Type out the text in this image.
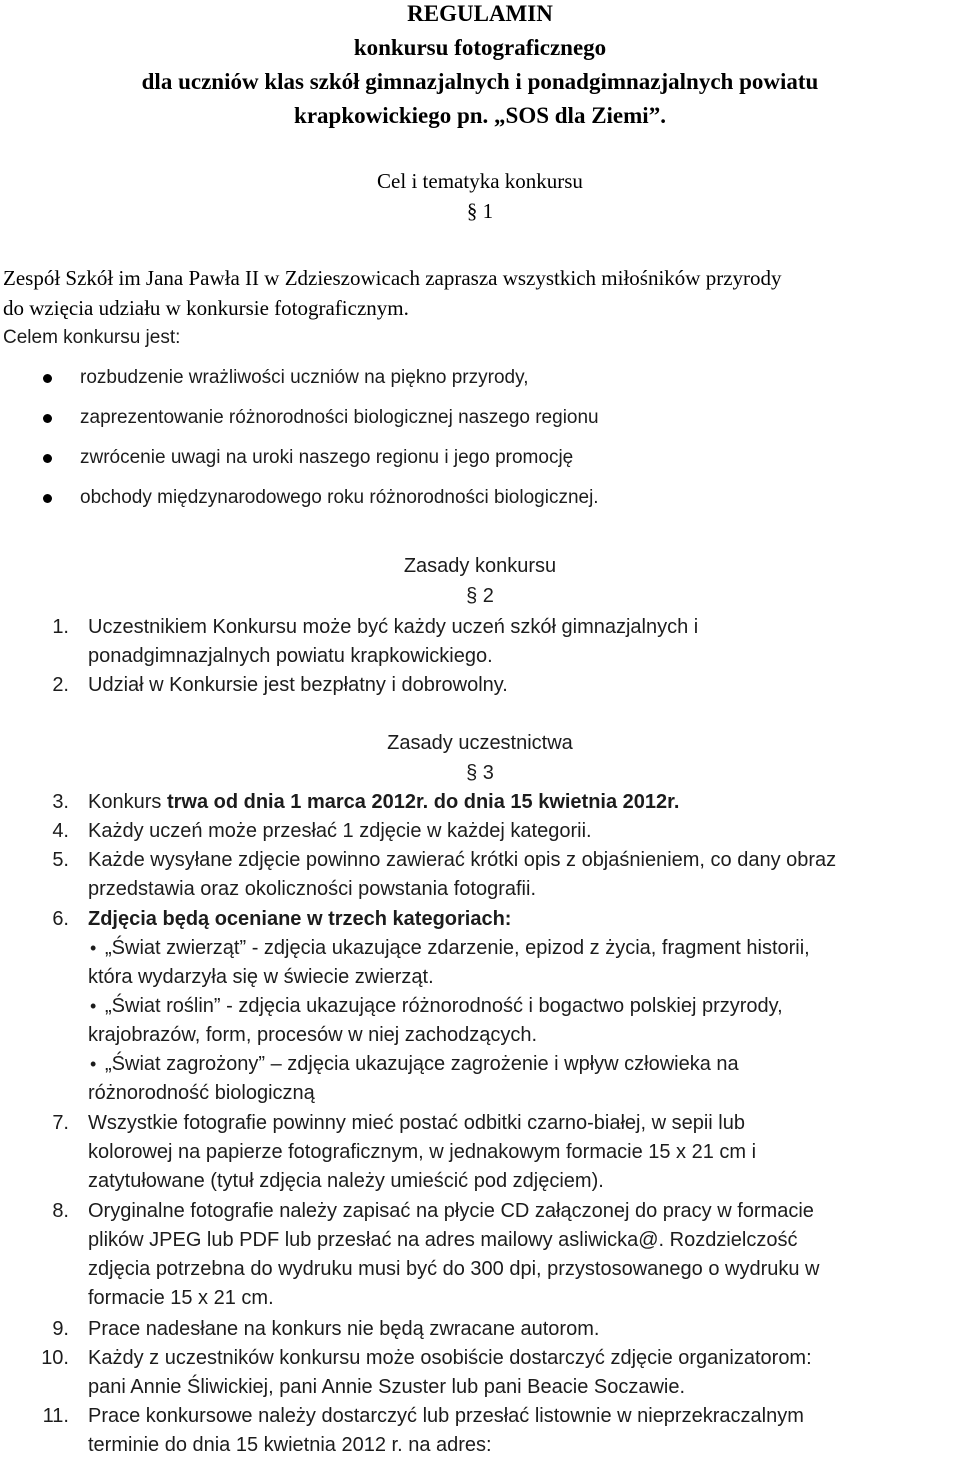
REGULAMIN
konkursu fotograficznego
dla uczniów klas szkół gimnazjalnych i ponadgimnazjalnych powiatu
krapkowickiego pn. „SOS dla Ziemi”.
Cel i tematyka konkursu
§ 1
Zespół Szkół im Jana Pawła II w Zdzieszowicach zaprasza wszystkich miłośników przyrody
do wzięcia udziału w konkursie fotograficznym.
Celem konkursu jest:
rozbudzenie wrażliwości uczniów na piękno przyrody,
zaprezentowanie różnorodności biologicznej naszego regionu
zwrócenie uwagi na uroki naszego regionu i jego promocję
obchody międzynarodowego roku różnorodności biologicznej.
Zasady konkursu
§ 2
1. Uczestnikiem Konkursu może być każdy uczeń szkół gimnazjalnych i
ponadgimnazjalnych powiatu krapkowickiego.
2. Udział w Konkursie jest bezpłatny i dobrowolny.
Zasady uczestnictwa
§ 3
3. Konkurs trwa od dnia 1 marca 2012r. do dnia 15 kwietnia 2012r.
4. Każdy uczeń może przesłać 1 zdjęcie w każdej kategorii.
5. Każde wysyłane zdjęcie powinno zawierać krótki opis z objaśnieniem, co dany obraz
przedstawia oraz okoliczności powstania fotografii.
6. Zdjęcia będą oceniane w trzech kategoriach:
• „Świat zwierząt” - zdjęcia ukazujące zdarzenie, epizod z życia, fragment historii,
która wydarzyła się w świecie zwierząt.
• „Świat roślin” - zdjęcia ukazujące różnorodność i bogactwo polskiej przyrody,
krajobrazów, form, procesów w niej zachodzących.
• „Świat zagrożony” – zdjęcia ukazujące zagrożenie i wpływ człowieka na
różnorodność biologiczną
7. Wszystkie fotografie powinny mieć postać odbitki czarno-białej, w sepii lub
kolorowej na papierze fotograficznym, w jednakowym formacie 15 x 21 cm i
zatytułowane (tytuł zdjęcia należy umieścić pod zdjęciem).
8. Oryginalne fotografie należy zapisać na płycie CD załączonej do pracy w formacie
plików JPEG lub PDF lub przesłać na adres mailowy asliwicka@. Rozdzielczość
zdjęcia potrzebna do wydruku musi być do 300 dpi, przystosowanego o wydruku w
formacie 15 x 21 cm.
9. Prace nadesłane na konkurs nie będą zwracane autorom.
10. Każdy z uczestników konkursu może osobiście dostarczyć zdjęcie organizatorom:
pani Annie Śliwickiej, pani Annie Szuster lub pani Beacie Soczawie.
11. Prace konkursowe należy dostarczyć lub przesłać listownie w nieprzekraczalnym
terminie do dnia 15 kwietnia 2012 r. na adres:
